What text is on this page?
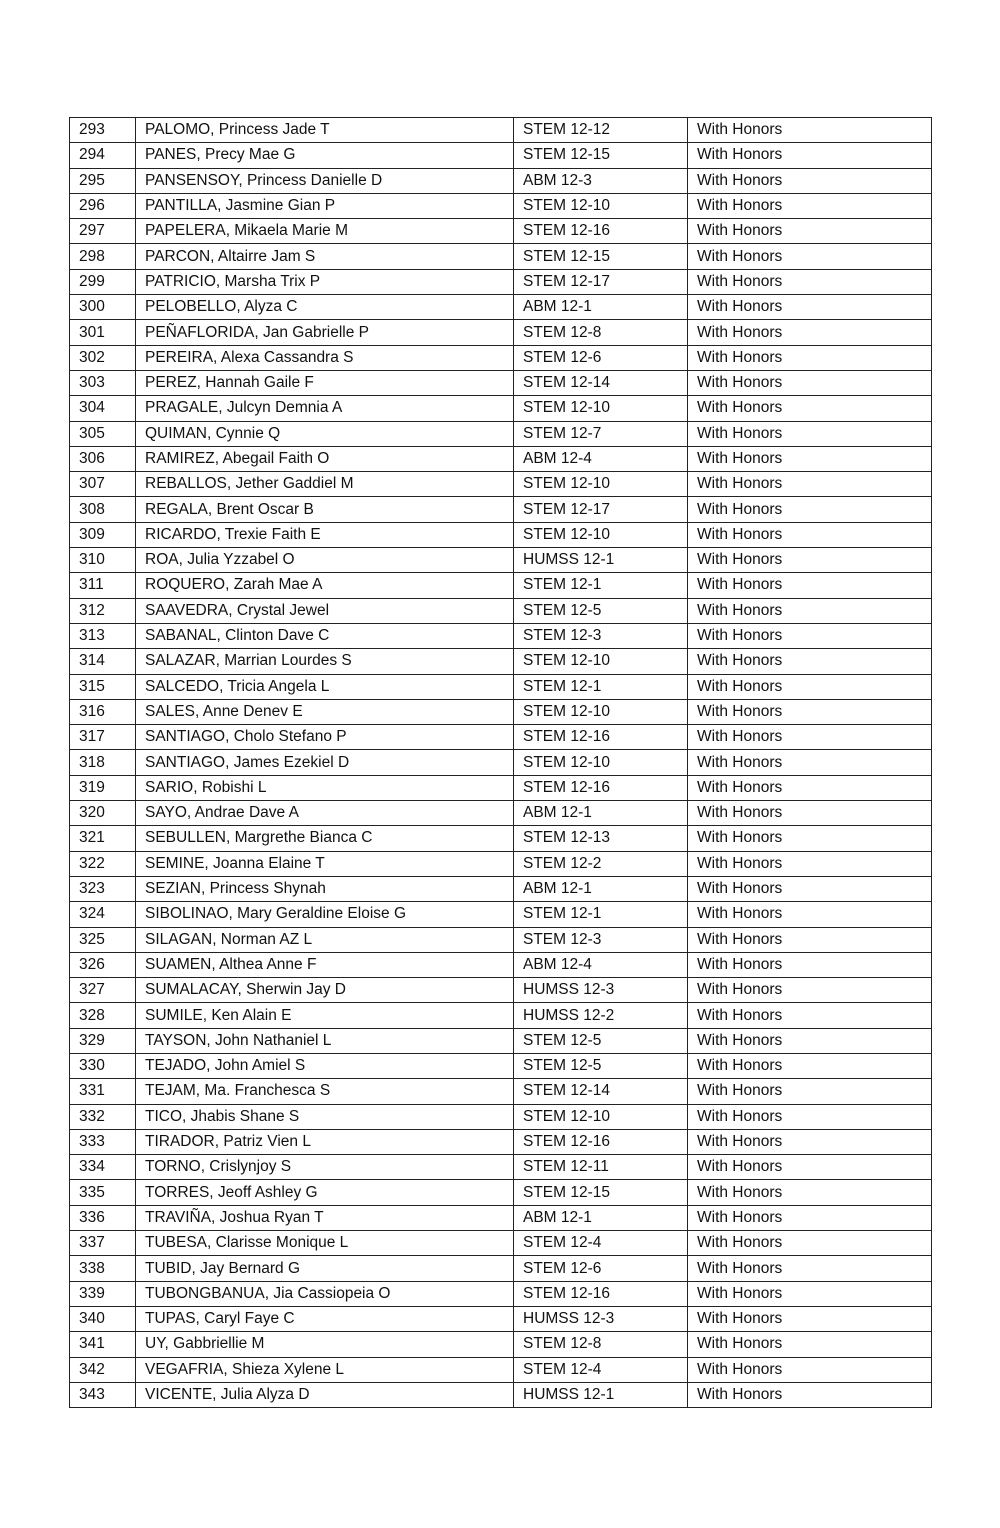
293	PALOMO, Princess Jade T	STEM 12-12	With Honors
294	PANES, Precy Mae G	STEM 12-15	With Honors
295	PANSENSOY, Princess Danielle D	ABM 12-3	With Honors
296	PANTILLA, Jasmine Gian P	STEM 12-10	With Honors
297	PAPELERA, Mikaela Marie M	STEM 12-16	With Honors
298	PARCON, Altairre Jam S	STEM 12-15	With Honors
299	PATRICIO, Marsha Trix P	STEM 12-17	With Honors
300	PELOBELLO, Alyza C	ABM 12-1	With Honors
301	PEÑAFLORIDA, Jan Gabrielle P	STEM 12-8	With Honors
302	PEREIRA, Alexa Cassandra S	STEM 12-6	With Honors
303	PEREZ, Hannah Gaile F	STEM 12-14	With Honors
304	PRAGALE, Julcyn Demnia A	STEM 12-10	With Honors
305	QUIMAN, Cynnie Q	STEM 12-7	With Honors
306	RAMIREZ, Abegail Faith O	ABM 12-4	With Honors
307	REBALLOS, Jether Gaddiel M	STEM 12-10	With Honors
308	REGALA, Brent Oscar B	STEM 12-17	With Honors
309	RICARDO, Trexie Faith E	STEM 12-10	With Honors
310	ROA, Julia Yzzabel O	HUMSS 12-1	With Honors
311	ROQUERO, Zarah Mae A	STEM 12-1	With Honors
312	SAAVEDRA, Crystal Jewel	STEM 12-5	With Honors
313	SABANAL, Clinton Dave C	STEM 12-3	With Honors
314	SALAZAR, Marrian Lourdes S	STEM 12-10	With Honors
315	SALCEDO, Tricia Angela L	STEM 12-1	With Honors
316	SALES, Anne Denev E	STEM 12-10	With Honors
317	SANTIAGO, Cholo Stefano P	STEM 12-16	With Honors
318	SANTIAGO, James Ezekiel D	STEM 12-10	With Honors
319	SARIO, Robishi L	STEM 12-16	With Honors
320	SAYO, Andrae Dave A	ABM 12-1	With Honors
321	SEBULLEN, Margrethe Bianca C	STEM 12-13	With Honors
322	SEMINE, Joanna Elaine T	STEM 12-2	With Honors
323	SEZIAN, Princess Shynah	ABM 12-1	With Honors
324	SIBOLINAO, Mary Geraldine Eloise G	STEM 12-1	With Honors
325	SILAGAN, Norman AZ L	STEM 12-3	With Honors
326	SUAMEN, Althea Anne F	ABM 12-4	With Honors
327	SUMALACAY, Sherwin Jay D	HUMSS 12-3	With Honors
328	SUMILE, Ken Alain E	HUMSS 12-2	With Honors
329	TAYSON, John Nathaniel L	STEM 12-5	With Honors
330	TEJADO, John Amiel S	STEM 12-5	With Honors
331	TEJAM, Ma. Franchesca S	STEM 12-14	With Honors
332	TICO, Jhabis Shane S	STEM 12-10	With Honors
333	TIRADOR, Patriz Vien L	STEM 12-16	With Honors
334	TORNO, Crislynjoy S	STEM 12-11	With Honors
335	TORRES, Jeoff Ashley G	STEM 12-15	With Honors
336	TRAVIÑA, Joshua Ryan T	ABM 12-1	With Honors
337	TUBESA, Clarisse Monique L	STEM 12-4	With Honors
338	TUBID, Jay Bernard G	STEM 12-6	With Honors
339	TUBONGBANUA, Jia Cassiopeia O	STEM 12-16	With Honors
340	TUPAS, Caryl Faye C	HUMSS 12-3	With Honors
341	UY, Gabbriellie M	STEM 12-8	With Honors
342	VEGAFRIA, Shieza Xylene L	STEM 12-4	With Honors
343	VICENTE, Julia Alyza D	HUMSS 12-1	With Honors
